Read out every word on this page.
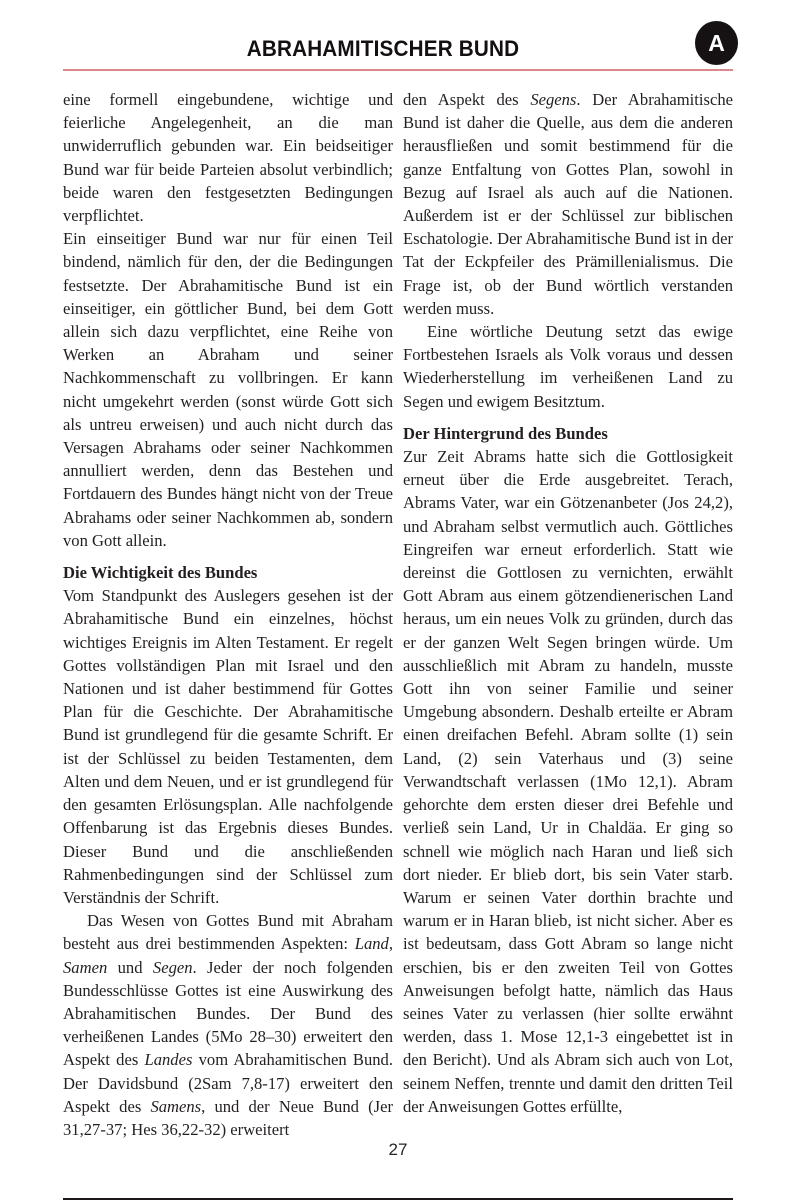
ABRAHAMITISCHER BUND	A

eine formell eingebundene, wichtige und feierliche Angelegenheit, an die man unwiderruflich gebunden war. Ein beidseitiger Bund war für beide Parteien absolut verbindlich; beide waren den festgesetzten Bedingungen verpflichtet.

Ein einseitiger Bund war nur für einen Teil bindend, nämlich für den, der die Bedingungen festsetzte. Der Abrahamitische Bund ist ein einseitiger, ein göttlicher Bund, bei dem Gott allein sich dazu verpflichtet, eine Reihe von Werken an Abraham und seiner Nachkommenschaft zu vollbringen. Er kann nicht umgekehrt werden (sonst würde Gott sich als untreu erweisen) und auch nicht durch das Versagen Abrahams oder seiner Nachkommen annulliert werden, denn das Bestehen und Fortdauern des Bundes hängt nicht von der Treue Abrahams oder seiner Nachkommen ab, sondern von Gott allein.

Die Wichtigkeit des Bundes

Vom Standpunkt des Auslegers gesehen ist der Abrahamitische Bund ein einzelnes, höchst wichtiges Ereignis im Alten Testament. Er regelt Gottes vollständigen Plan mit Israel und den Nationen und ist daher bestimmend für Gottes Plan für die Geschichte. Der Abrahamitische Bund ist grundlegend für die gesamte Schrift. Er ist der Schlüssel zu beiden Testamenten, dem Alten und dem Neuen, und er ist grundlegend für den gesamten Erlösungsplan. Alle nachfolgende Offenbarung ist das Ergebnis dieses Bundes. Dieser Bund und die anschließenden Rahmenbedingungen sind der Schlüssel zum Verständnis der Schrift.

Das Wesen von Gottes Bund mit Abraham besteht aus drei bestimmenden Aspekten: Land, Samen und Segen. Jeder der noch folgenden Bundesschlüsse Gottes ist eine Auswirkung des Abrahamitischen Bundes. Der Bund des verheißenen Landes (5Mo 28–30) erweitert den Aspekt des Landes vom Abrahamitischen Bund. Der Davidsbund (2Sam 7,8-17) erweitert den Aspekt des Samens, und der Neue Bund (Jer 31,27-37; Hes 36,22-32) erweitert

den Aspekt des Segens. Der Abrahamitische Bund ist daher die Quelle, aus dem die anderen herausfließen und somit bestimmend für die ganze Entfaltung von Gottes Plan, sowohl in Bezug auf Israel als auch auf die Nationen. Außerdem ist er der Schlüssel zur biblischen Eschatologie. Der Abrahamitische Bund ist in der Tat der Eckpfeiler des Prämillenialismus. Die Frage ist, ob der Bund wörtlich verstanden werden muss.

Eine wörtliche Deutung setzt das ewige Fortbestehen Israels als Volk voraus und dessen Wiederherstellung im verheißenen Land zu Segen und ewigem Besitztum.

Der Hintergrund des Bundes

Zur Zeit Abrams hatte sich die Gottlosigkeit erneut über die Erde ausgebreitet. Terach, Abrams Vater, war ein Götzenanbeter (Jos 24,2), und Abraham selbst vermutlich auch. Göttliches Eingreifen war erneut erforderlich. Statt wie dereinst die Gottlosen zu vernichten, erwählt Gott Abram aus einem götzendienerischen Land heraus, um ein neues Volk zu gründen, durch das er der ganzen Welt Segen bringen würde. Um ausschließlich mit Abram zu handeln, musste Gott ihn von seiner Familie und seiner Umgebung absondern. Deshalb erteilte er Abram einen dreifachen Befehl. Abram sollte (1) sein Land, (2) sein Vaterhaus und (3) seine Verwandtschaft verlassen (1Mo 12,1). Abram gehorchte dem ersten dieser drei Befehle und verließ sein Land, Ur in Chaldäa. Er ging so schnell wie möglich nach Haran und ließ sich dort nieder. Er blieb dort, bis sein Vater starb. Warum er seinen Vater dorthin brachte und warum er in Haran blieb, ist nicht sicher. Aber es ist bedeutsam, dass Gott Abram so lange nicht erschien, bis er den zweiten Teil von Gottes Anweisungen befolgt hatte, nämlich das Haus seines Vater zu verlassen (hier sollte erwähnt werden, dass 1. Mose 12,1-3 eingebettet ist in den Bericht). Und als Abram sich auch von Lot, seinem Neffen, trennte und damit den dritten Teil der Anweisungen Gottes erfüllte,

27
